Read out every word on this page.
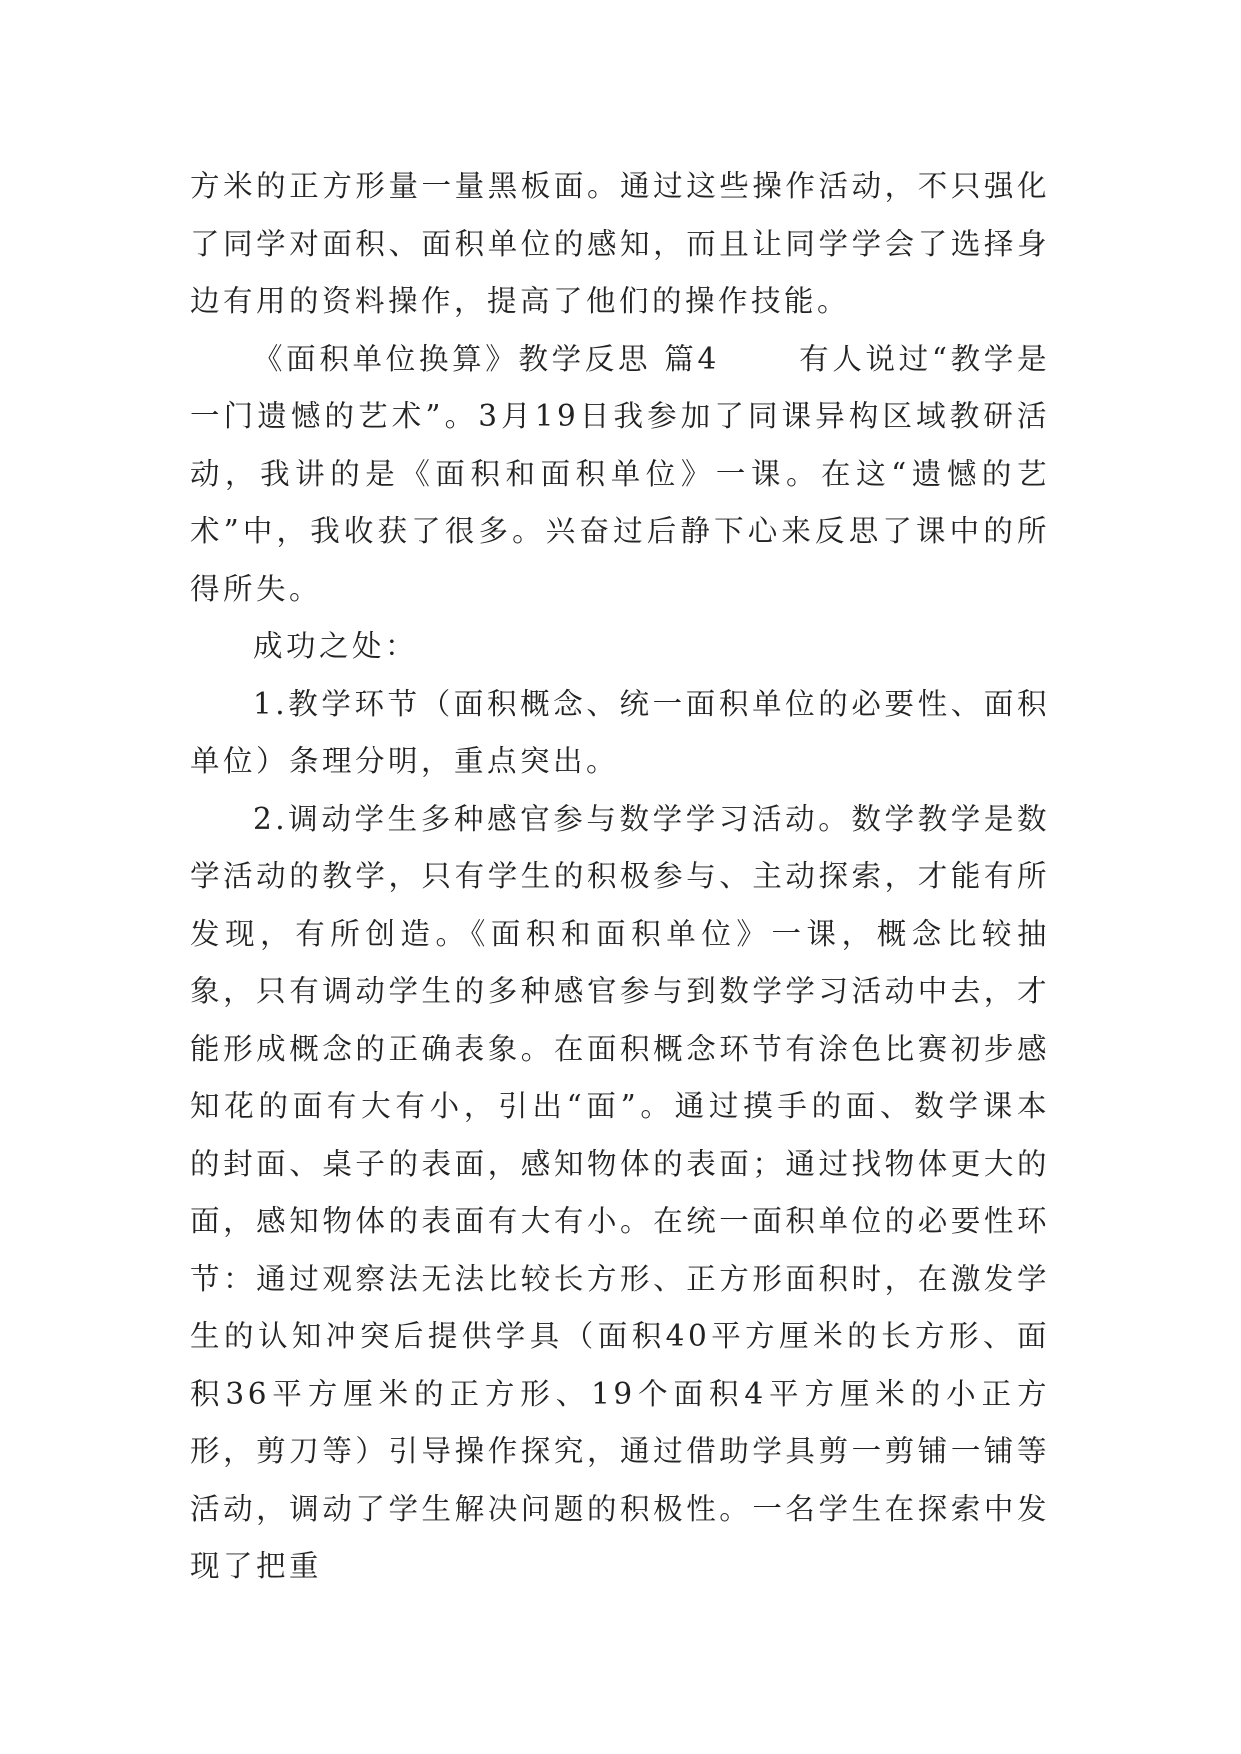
方米的正方形量一量黑板面。通过这些操作活动，不只强化了同学对面积、面积单位的感知，而且让同学学会了选择身边有用的资料操作，提高了他们的操作技能。

《面积单位换算》教学反思 篇4 　　有人说过“教学是一门遗憾的艺术”。3月19日我参加了同课异构区域教研活动，我讲的是《面积和面积单位》一课。在这“遗憾的艺术”中，我收获了很多。兴奋过后静下心来反思了课中的所得所失。

成功之处：

1.教学环节（面积概念、统一面积单位的必要性、面积单位）条理分明，重点突出。

2.调动学生多种感官参与数学学习活动。数学教学是数学活动的教学，只有学生的积极参与、主动探索，才能有所发现，有所创造。《面积和面积单位》一课，概念比较抽象，只有调动学生的多种感官参与到数学学习活动中去，才能形成概念的正确表象。在面积概念环节有涂色比赛初步感知花的面有大有小，引出“面”。通过摸手的面、数学课本的封面、桌子的表面，感知物体的表面；通过找物体更大的面，感知物体的表面有大有小。在统一面积单位的必要性环节：通过观察法无法比较长方形、正方形面积时，在激发学生的认知冲突后提供学具（面积40平方厘米的长方形、面积36平方厘米的正方形、19个面积4平方厘米的小正方形，剪刀等）引导操作探究，通过借助学具剪一剪铺一铺等活动，调动了学生解决问题的积极性。一名学生在探索中发现了把重
